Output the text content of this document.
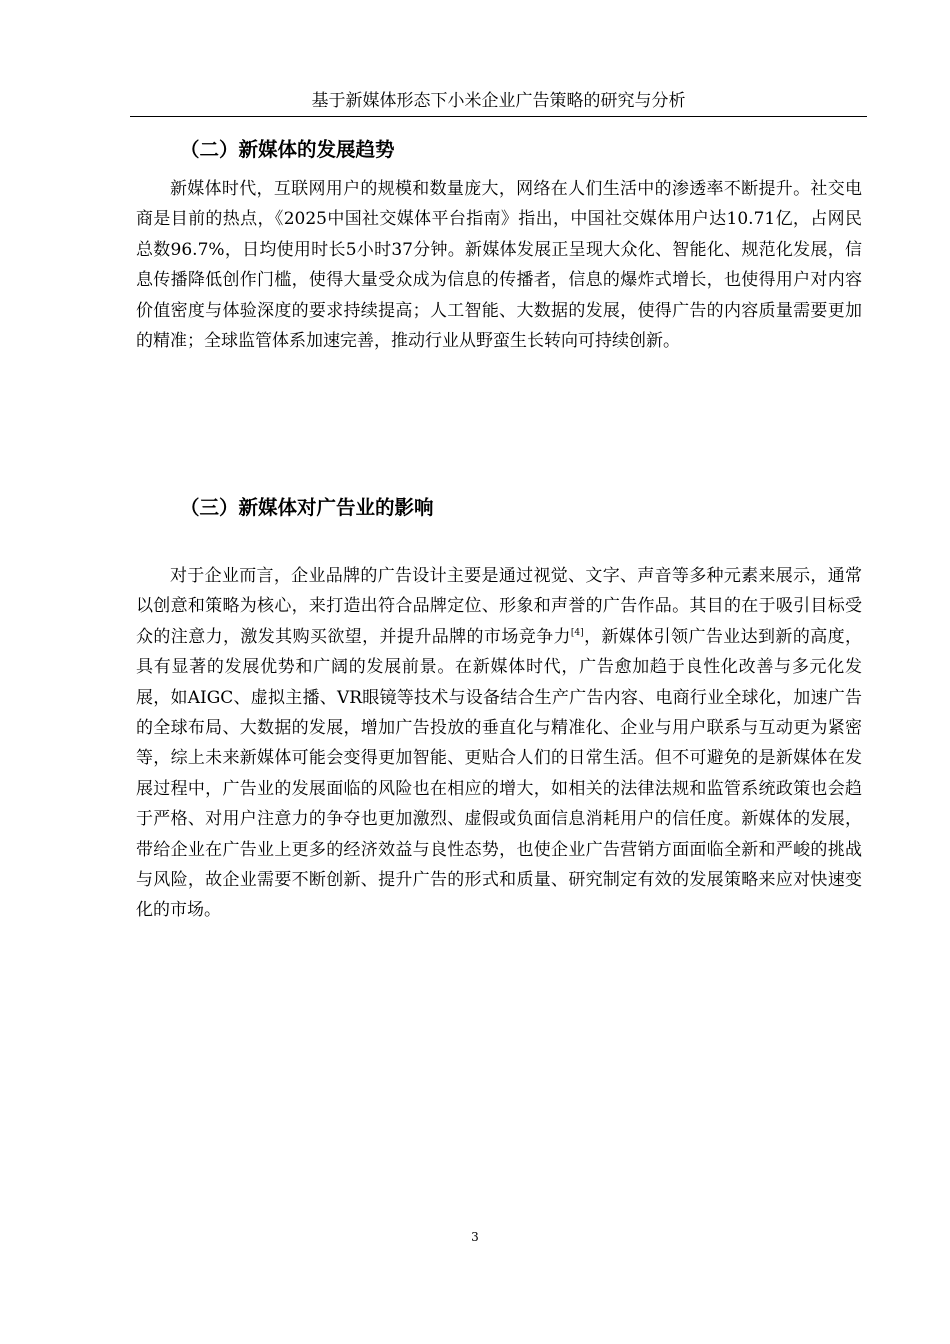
基于新媒体形态下小米企业广告策略的研究与分析
（二）新媒体的发展趋势

新媒体时代，互联网用户的规模和数量庞大，网络在人们生活中的渗透率不断提升。社交电商是目前的热点，《2025中国社交媒体平台指南》指出，中国社交媒体用户达10.71亿，占网民总数96.7%，日均使用时长5小时37分钟。新媒体发展正呈现大众化、智能化、规范化发展，信息传播降低创作门槛，使得大量受众成为信息的传播者，信息的爆炸式增长，也使得用户对内容价值密度与体验深度的要求持续提高；人工智能、大数据的发展，使得广告的内容质量需要更加的精准；全球监管体系加速完善，推动行业从野蛮生长转向可持续创新。

（三）新媒体对广告业的影响

对于企业而言，企业品牌的广告设计主要是通过视觉、文字、声音等多种元素来展示，通常以创意和策略为核心，来打造出符合品牌定位、形象和声誉的广告作品。其目的在于吸引目标受众的注意力，激发其购买欲望，并提升品牌的市场竞争力[4]，新媒体引领广告业达到新的高度，具有显著的发展优势和广阔的发展前景。在新媒体时代，广告愈加趋于良性化改善与多元化发展，如AIGC、虚拟主播、VR眼镜等技术与设备结合生产广告内容、电商行业全球化，加速广告的全球布局、大数据的发展，增加广告投放的垂直化与精准化、企业与用户联系与互动更为紧密等，综上未来新媒体可能会变得更加智能、更贴合人们的日常生活。但不可避免的是新媒体在发展过程中，广告业的发展面临的风险也在相应的增大，如相关的法律法规和监管系统政策也会趋于严格、对用户注意力的争夺也更加激烈、虚假或负面信息消耗用户的信任度。新媒体的发展，带给企业在广告业上更多的经济效益与良性态势，也使企业广告营销方面面临全新和严峻的挑战与风险，故企业需要不断创新、提升广告的形式和质量、研究制定有效的发展策略来应对快速变化的市场。

3
